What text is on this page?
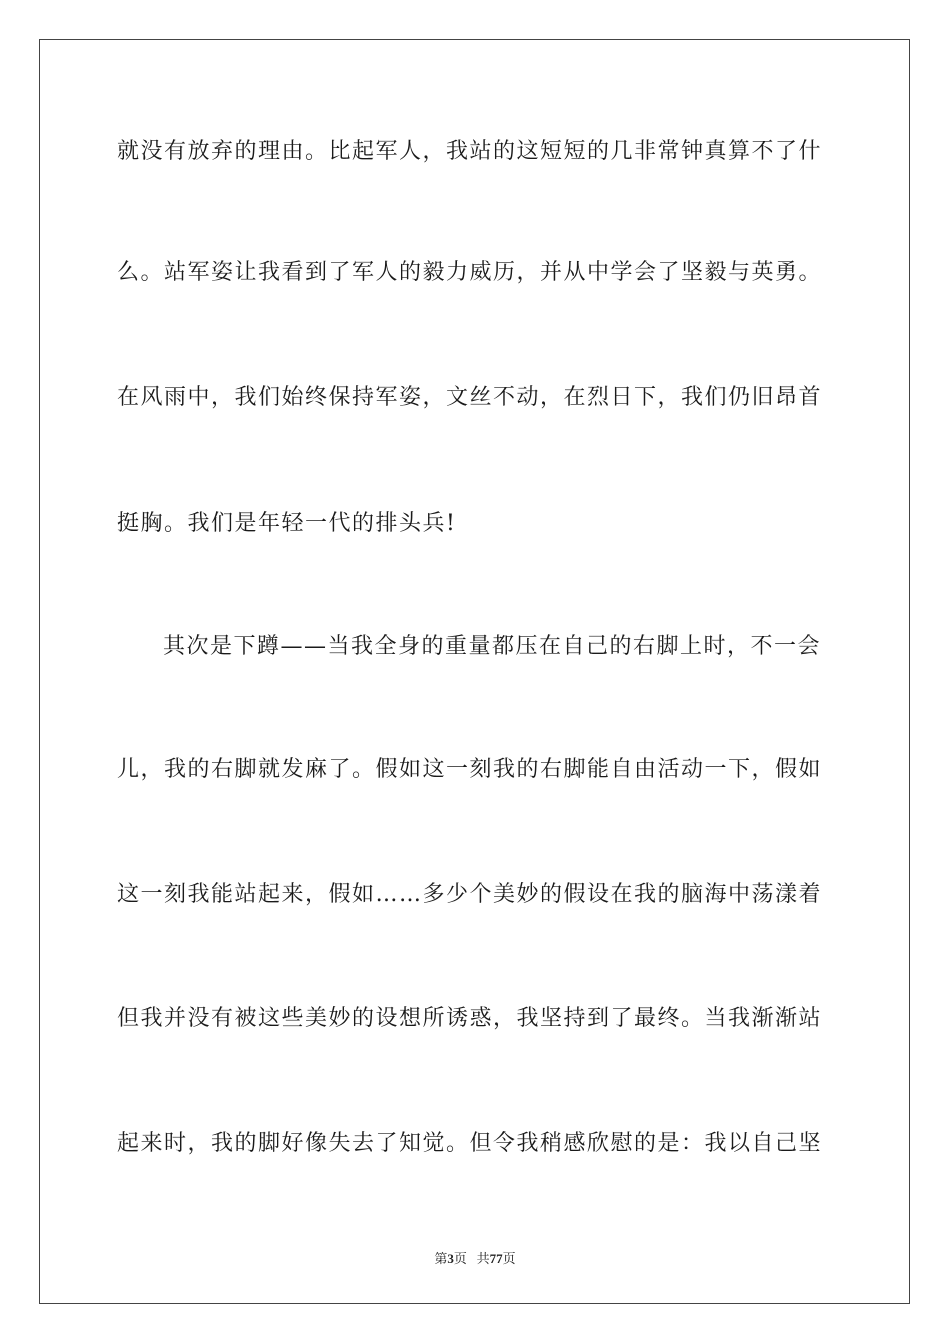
就没有放弃的理由。比起军人，我站的这短短的几非常钟真算不了什
么。站军姿让我看到了军人的毅力威历，并从中学会了坚毅与英勇。
在风雨中，我们始终保持军姿，文丝不动，在烈日下，我们仍旧昂首
挺胸。我们是年轻一代的排头兵!
其次是下蹲——当我全身的重量都压在自己的右脚上时，不一会
儿，我的右脚就发麻了。假如这一刻我的右脚能自由活动一下，假如
这一刻我能站起来，假如……多少个美妙的假设在我的脑海中荡漾着
但我并没有被这些美妙的设想所诱惑，我坚持到了最终。当我渐渐站
起来时，我的脚好像失去了知觉。但令我稍感欣慰的是：我以自己坚
第3页 共77页
